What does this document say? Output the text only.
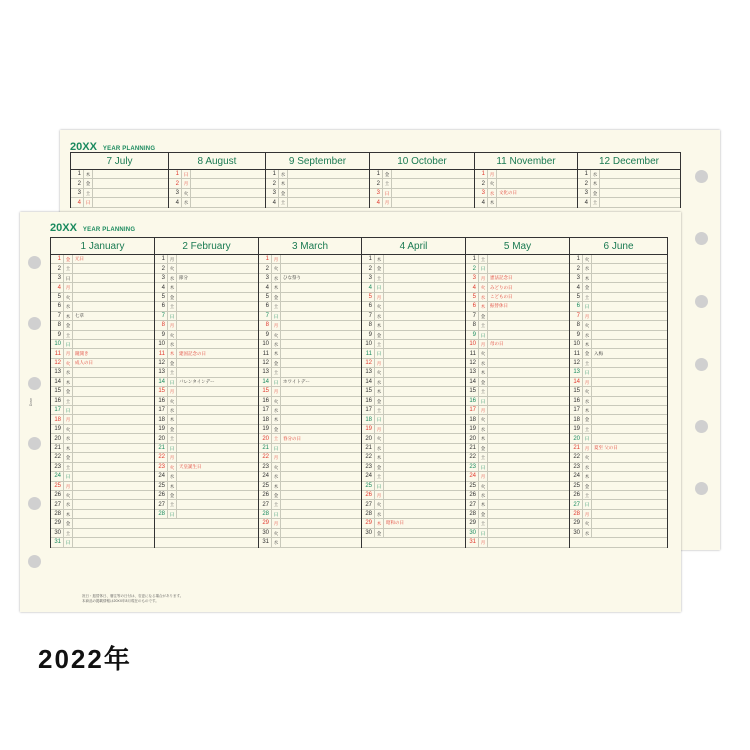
20XX YEAR PLANNING
7 July
1	木
2	金
3	土
4	日
8 August
1	日
2	月
3	火
4	水
9 September
1	水
2	木
3	金
4	土
10 October
1	金
2	土
3	日
4	月
11 November
1	月
2	火
3	水	文化の日
4	木
12 December
1	水
2	木
3	金
4	土
20XX YEAR PLANNING
1 January
1	金	元日
2	土
3	日
4	月
5	火
6	水
7	木	七草
8	金
9	土
10	日
11	月	鏡開き
12	火	成人の日
13	水
14	木
15	金
16	土
17	日
18	月
19	火
20	水
21	木
22	金
23	土
24	日
25	月
26	火
27	水
28	木
29	金
30	土
31	日
2 February
1	月
2	火
3	水	節分
4	木
5	金
6	土
7	日
8	月
9	火
10	水
11	木	建国記念の日
12	金
13	土
14	日	バレンタインデー
15	月
16	火
17	水
18	木
19	金
20	土
21	日
22	月
23	火	天皇誕生日
24	水
25	木
26	金
27	土
28	日
3 March
1	月
2	火
3	水	ひな祭り
4	木
5	金
6	土
7	日
8	月
9	火
10	水
11	木
12	金
13	土
14	日	ホワイトデー
15	月
16	火
17	水
18	木
19	金
20	土	春分の日
21	日
22	月
23	火
24	水
25	木
26	金
27	土
28	日
29	月
30	火
31	水
4 April
1	木
2	金
3	土
4	日
5	月
6	火
7	水
8	木
9	金
10	土
11	日
12	月
13	火
14	水
15	木
16	金
17	土
18	日
19	月
20	火
21	水
22	木
23	金
24	土
25	日
26	月
27	火
28	水
29	木	昭和の日
30	金
5 May
1	土
2	日
3	月	憲法記念日
4	火	みどりの日
5	水	こどもの日
6	木	振替休日
7	金
8	土
9	日
10	月	母の日
11	火
12	水
13	木
14	金
15	土
16	日
17	月
18	火
19	水
20	木
21	金
22	土
23	日
24	月
25	火
26	水
27	木
28	金
29	土
30	日
31	月
6 June
1	火
2	水
3	木
4	金
5	土
6	日
7	月
8	火
9	水
10	木
11	金	入梅
12	土
13	日
14	月
15	火
16	水
17	木
18	金
19	土
20	日
21	月	夏至 父の日
22	火
23	水
24	木
25	金
26	土
27	日
28	月
29	火
30	水
Dove
祝日・振替休日、暦注等の日付は、変更になる場合があります。
本商品の掲載情報は20XX年8月現在のものです。
2022年
